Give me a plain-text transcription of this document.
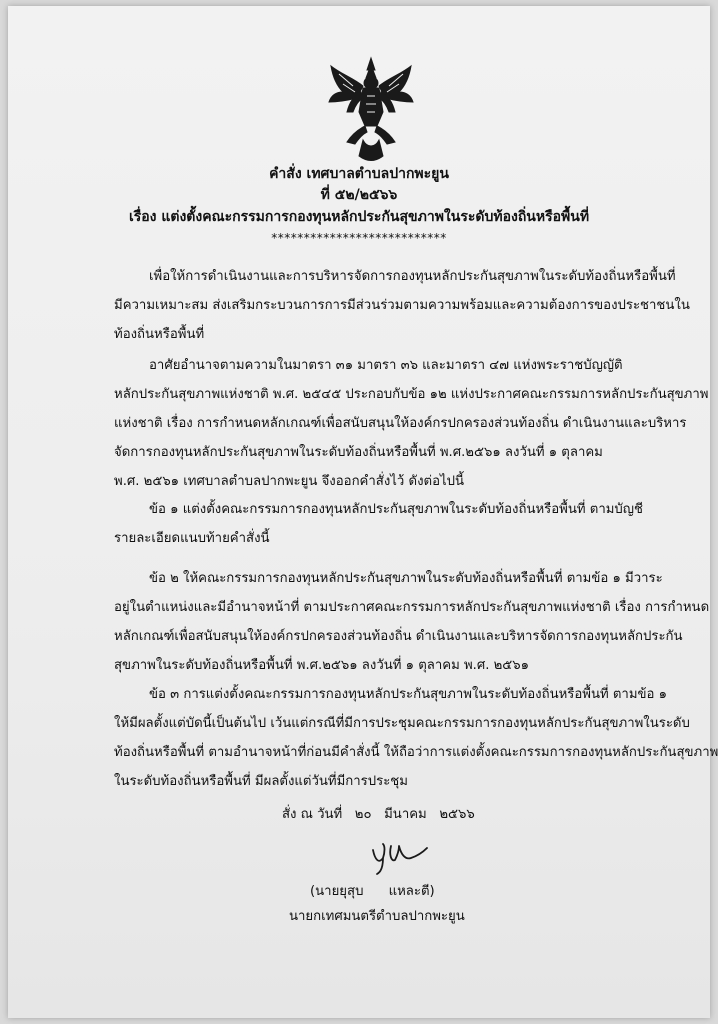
คำสั่ง เทศบาลตำบลปากพะยูน
ที่ ๕๒/๒๕๖๖
เรื่อง แต่งตั้งคณะกรรมการกองทุนหลักประกันสุขภาพในระดับท้องถิ่นหรือพื้นที่
***************************

เพื่อให้การดำเนินงานและการบริหารจัดการกองทุนหลักประกันสุขภาพในระดับท้องถิ่นหรือพื้นที่

มีความเหมาะสม ส่งเสริมกระบวนการการมีส่วนร่วมตามความพร้อมและความต้องการของประชาชนใน

ท้องถิ่นหรือพื้นที่

อาศัยอำนาจตามความในมาตรา ๓๑ มาตรา ๓๖ และมาตรา ๔๗ แห่งพระราชบัญญัติ

หลักประกันสุขภาพแห่งชาติ พ.ศ. ๒๕๔๕ ประกอบกับข้อ ๑๒ แห่งประกาศคณะกรรมการหลักประกันสุขภาพ

แห่งชาติ เรื่อง การกำหนดหลักเกณฑ์เพื่อสนับสนุนให้องค์กรปกครองส่วนท้องถิ่น ดำเนินงานและบริหาร

จัดการกองทุนหลักประกันสุขภาพในระดับท้องถิ่นหรือพื้นที่ พ.ศ.๒๕๖๑ ลงวันที่ ๑ ตุลาคม

พ.ศ. ๒๕๖๑ เทศบาลตำบลปากพะยูน จึงออกคำสั่งไว้ ดังต่อไปนี้

ข้อ ๑ แต่งตั้งคณะกรรมการกองทุนหลักประกันสุขภาพในระดับท้องถิ่นหรือพื้นที่ ตามบัญชี

รายละเอียดแนบท้ายคำสั่งนี้

ข้อ ๒ ให้คณะกรรมการกองทุนหลักประกันสุขภาพในระดับท้องถิ่นหรือพื้นที่ ตามข้อ ๑ มีวาระ

อยู่ในตำแหน่งและมีอำนาจหน้าที่ ตามประกาศคณะกรรมการหลักประกันสุขภาพแห่งชาติ เรื่อง การกำหนด

หลักเกณฑ์เพื่อสนับสนุนให้องค์กรปกครองส่วนท้องถิ่น ดำเนินงานและบริหารจัดการกองทุนหลักประกัน

สุขภาพในระดับท้องถิ่นหรือพื้นที่ พ.ศ.๒๕๖๑ ลงวันที่ ๑ ตุลาคม พ.ศ. ๒๕๖๑

ข้อ ๓ การแต่งตั้งคณะกรรมการกองทุนหลักประกันสุขภาพในระดับท้องถิ่นหรือพื้นที่ ตามข้อ ๑

ให้มีผลตั้งแต่บัดนี้เป็นต้นไป เว้นแต่กรณีที่มีการประชุมคณะกรรมการกองทุนหลักประกันสุขภาพในระดับ

ท้องถิ่นหรือพื้นที่ ตามอำนาจหน้าที่ก่อนมีคำสั่งนี้ ให้ถือว่าการแต่งตั้งคณะกรรมการกองทุนหลักประกันสุขภาพ

ในระดับท้องถิ่นหรือพื้นที่ มีผลตั้งแต่วันที่มีการประชุม

สั่ง ณ วันที่   ๒๐   มีนาคม   ๒๕๖๖
(นายยุสุบ      แหละตี)
นายกเทศมนตรีตำบลปากพะยูน
